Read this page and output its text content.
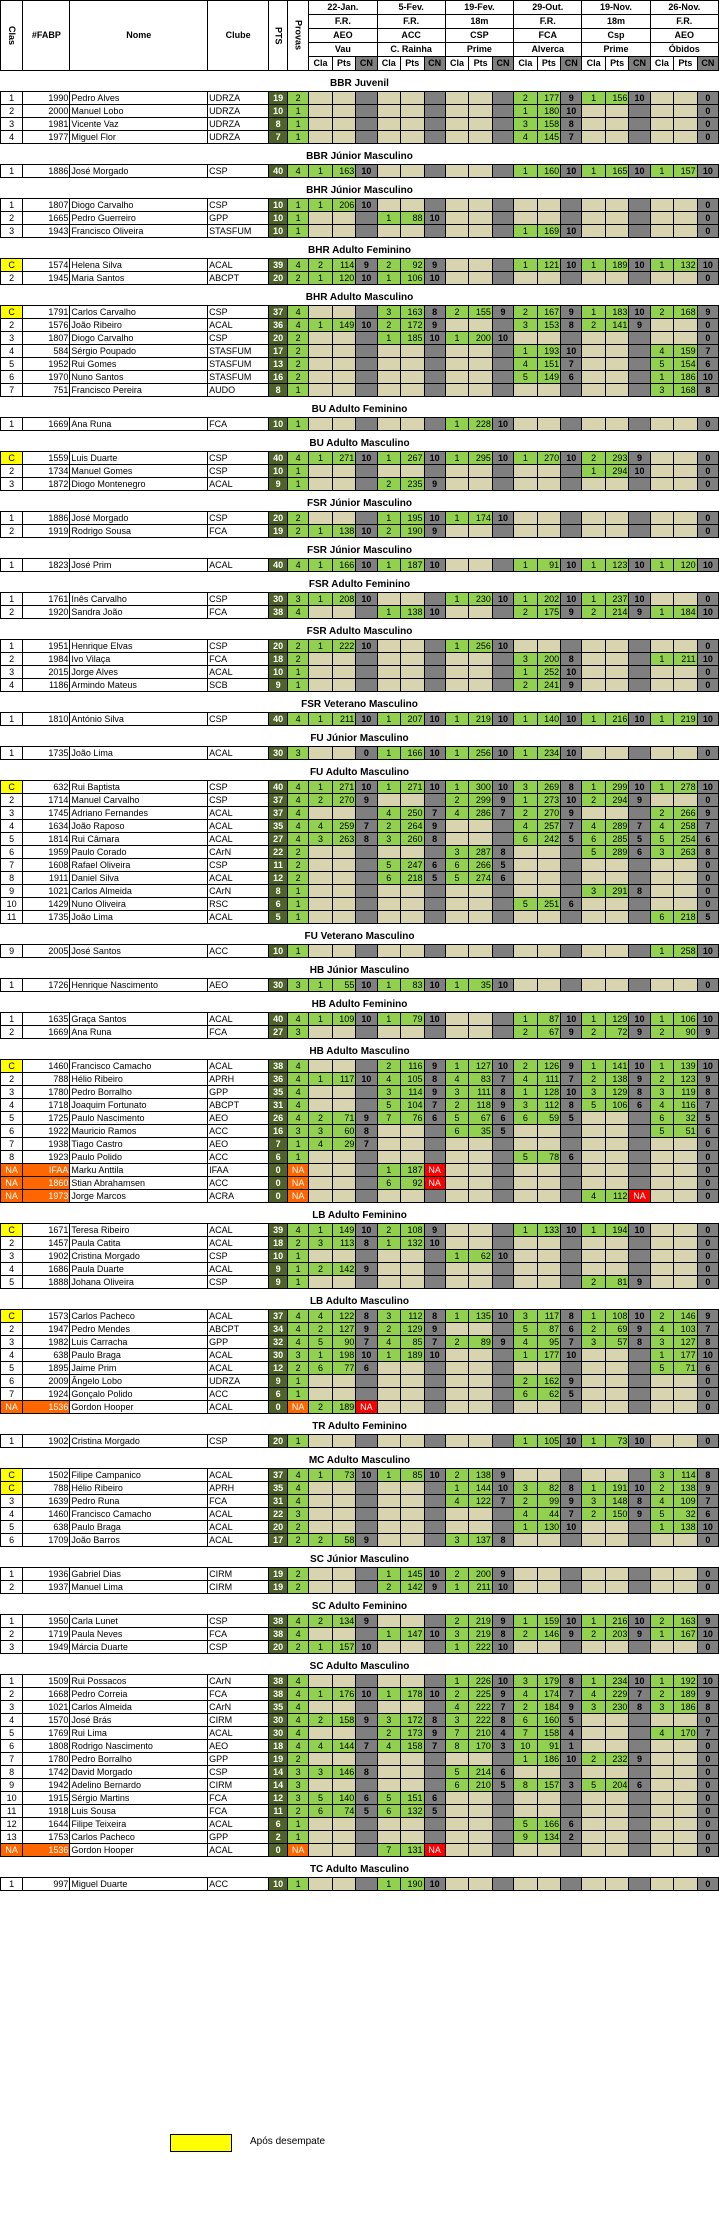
Clas	#FABP	Nome	Clube	PTS	Provas	22-Jan.			5-Fev.			19-Fev.			29-Out.			19-Nov.			26-Nov.		
						F.R.			F.R.			18m			F.R.			18m			F.R.		
						AEO			ACC			CSP			FCA			Csp			AEO		
						Vau			C. Rainha			Prime			Alverca			Prime			Óbidos		
						Cla	Pts	CN	Cla	Pts	CN	Cla	Pts	CN	Cla	Pts	CN	Cla	Pts	CN	Cla	Pts	CN

BBR Juvenil																							
1	1990	Pedro Alves	UDRZA	19	2										2	177	9	1	156	10			0
2	2000	Manuel Lobo	UDRZA	10	1										1	180	10						0
3	1981	Vicente Vaz	UDRZA	8	1										3	158	8						0
4	1977	Miguel Flor	UDRZA	7	1										4	145	7						0

BBR Júnior Masculino																							
1	1886	José Morgado	CSP	40	4	1	163	10							1	160	10	1	165	10	1	157	10

BHR Júnior Masculino																							
1	1807	Diogo Carvalho	CSP	10	1	1	206	10															0
2	1665	Pedro Guerreiro	GPP	10	1				1	88	10												0
3	1943	Francisco Oliveira	STASFUM	10	1										1	169	10						0

BHR Adulto Feminino																							
C	1574	Helena Silva	ACAL	39	4	2	114	9	2	92	9				1	121	10	1	189	10	1	132	10
2	1945	Maria Santos	ABCPT	20	2	1	120	10	1	106	10												0

BHR Adulto Masculino																							
C	1791	Carlos Carvalho	CSP	37	4				3	163	8	2	155	9	2	167	9	1	183	10	2	168	9
2	1576	João Ribeiro	ACAL	36	4	1	149	10	2	172	9				3	153	8	2	141	9			0
3	1807	Diogo Carvalho	CSP	20	2				1	185	10	1	200	10									0
4	584	Sérgio Poupado	STASFUM	17	2										1	193	10				4	159	7
5	1952	Rui Gomes	STASFUM	13	2										4	151	7				5	154	6
6	1970	Nuno Santos	STASFUM	16	2										5	149	6				1	186	10
7	751	Francisco Pereira	AUDO	8	1																3	168	8

BU Adulto Feminino																							
1	1669	Ana Runa	FCA	10	1							1	228	10									0

BU Adulto Masculino																							
C	1559	Luis Duarte	CSP	40	4	1	271	10	1	267	10	1	295	10	1	270	10	2	293	9			0
2	1734	Manuel Gomes	CSP	10	1													1	294	10			0
3	1872	Diogo Montenegro	ACAL	9	1				2	235	9												0

FSR Júnior Masculino																							
1	1886	José Morgado	CSP	20	2				1	195	10	1	174	10									0
2	1919	Rodrigo Sousa	FCA	19	2	1	138	10	2	190	9												0

FSR Júnior Masculino																							
1	1823	José Prim	ACAL	40	4	1	166	10	1	187	10				1	91	10	1	123	10	1	120	10

FSR Adulto Feminino																							
1	1761	Inês Carvalho	CSP	30	3	1	208	10				1	230	10	1	202	10	1	237	10			0
2	1920	Sandra João	FCA	38	4				1	138	10				2	175	9	2	214	9	1	184	10

FSR Adulto Masculino																							
1	1951	Henrique Elvas	CSP	20	2	1	222	10				1	256	10									0
2	1984	Ivo Vilaça	FCA	18	2										3	200	8				1	211	10
3	2015	Jorge Alves	ACAL	10	1										1	252	10						0
4	1186	Armindo Mateus	SCB	9	1										2	241	9						0

FSR Veterano Masculino																							
1	1810	António Silva	CSP	40	4	1	211	10	1	207	10	1	219	10	1	140	10	1	216	10	1	219	10

FU Júnior Masculino																							
1	1735	João Lima	ACAL	30	3			0	1	166	10	1	256	10	1	234	10						0

FU Adulto Masculino																							
C	632	Rui Baptista	CSP	40	4	1	271	10	1	271	10	1	300	10	3	269	8	1	299	10	1	278	10
2	1714	Manuel Carvalho	CSP	37	4	2	270	9				2	299	9	1	273	10	2	294	9			0
3	1745	Adriano Fernandes	ACAL	37	4				4	250	7	4	286	7	2	270	9				2	266	9
4	1634	João Raposo	ACAL	35	4	4	259	7	2	264	9				4	257	7	4	289	7	4	258	7
5	1814	Rui Câmara	ACAL	27	4	3	263	8	3	260	8				6	242	5	6	285	5	5	254	6
6	1959	Paulo Corado	CArN	22	2							3	287	8				5	289	6	3	263	8
7	1608	Rafael Oliveira	CSP	11	2				5	247	6	6	266	5									0
8	1911	Daniel Silva	ACAL	12	2				6	218	5	5	274	6									0
9	1021	Carlos Almeida	CArN	8	1													3	291	8			0
10	1429	Nuno Oliveira	RSC	6	1										5	251	6						0
11	1735	João Lima	ACAL	5	1																6	218	5

FU Veterano Masculino																							
9	2005	José Santos	ACC	10	1																1	258	10

HB Júnior Masculino																							
1	1726	Henrique Nascimento	AEO	30	3	1	55	10	1	83	10	1	35	10									0

HB Adulto Feminino																							
1	1635	Graça Santos	ACAL	40	4	1	109	10	1	79	10				1	87	10	1	129	10	1	106	10
2	1669	Ana Runa	FCA	27	3										2	67	9	2	72	9	2	90	9

HB Adulto Masculino																							
C	1460	Francisco Camacho	ACAL	38	4				2	116	9	1	127	10	2	126	9	1	141	10	1	139	10
2	788	Hélio Ribeiro	APRH	36	4	1	117	10	4	105	8	4	83	7	4	111	7	2	138	9	2	123	9
3	1780	Pedro Borralho	GPP	35	4				3	114	9	3	111	8	1	128	10	3	129	8	3	119	8
4	1718	Joaquim Fortunato	ABCPT	31	4				5	104	7	2	118	9	3	112	8	5	106	6	4	116	7
5	1725	Paulo Nascimento	AEO	26	4	2	71	9	7	76	6	5	67	6	6	59	5				6	32	5
6	1922	Mauricio Ramos	ACC	16	3	3	60	8				6	35	5							5	51	6
7	1938	Tiago Castro	AEO	7	1	4	29	7															0
8	1923	Paulo Polido	ACC	6	1										5	78	6						0
NA	IFAA	Marku Anttila	IFAA	0	NA				1	187	NA												0
NA	1860	Stian Abrahamsen	ACC	0	NA				6	92	NA												0
NA	1973	Jorge Marcos	ACRA	0	NA													4	112	NA			0

LB Adulto Feminino																							
C	1671	Teresa Ribeiro	ACAL	39	4	1	149	10	2	108	9				1	133	10	1	194	10			0
2	1457	Paula Catita	ACAL	18	2	3	113	8	1	132	10												0
3	1902	Cristina Morgado	CSP	10	1							1	62	10									0
4	1686	Paula Duarte	ACAL	9	1	2	142	9															0
5	1888	Johana Oliveira	CSP	9	1													2	81	9			0

LB Adulto Masculino																							
C	1573	Carlos Pacheco	ACAL	37	4	4	122	8	3	112	8	1	135	10	3	117	8	1	108	10	2	146	9
2	1947	Pedro Mendes	ABCPT	34	4	2	127	9	2	129	9				5	87	6	2	69	9	4	103	7
3	1982	Luis Carracha	GPP	32	4	5	90	7	4	85	7	2	89	9	4	95	7	3	57	8	3	127	8
4	638	Paulo Braga	ACAL	30	3	1	198	10	1	189	10				1	177	10				1	177	10
5	1895	Jaime Prim	ACAL	12	2	6	77	6													5	71	6
6	2009	Ângelo Lobo	UDRZA	9	1										2	162	9						0
7	1924	Gonçalo Polido	ACC	6	1										6	62	5						0
NA	1536	Gordon Hooper	ACAL	0	NA	2	189	NA															0

TR Adulto Feminino																							
1	1902	Cristina Morgado	CSP	20	1										1	105	10	1	73	10			0

MC Adulto Masculino																							
C	1502	Filipe Campanico	ACAL	37	4	1	73	10	1	85	10	2	138	9							3	114	8
C	788	Hélio Ribeiro	APRH	35	4							1	144	10	3	82	8	1	191	10	2	138	9
3	1639	Pedro Runa	FCA	31	4							4	122	7	2	99	9	3	148	8	4	109	7
4	1460	Francisco Camacho	ACAL	22	3										4	44	7	2	150	9	5	32	6
5	638	Paulo Braga	ACAL	20	2										1	130	10				1	138	10
6	1709	João Barros	ACAL	17	2	2	58	9				3	137	8									0

SC Júnior Masculino																							
1	1936	Gabriel Dias	CIRM	19	2				1	145	10	2	200	9									0
2	1937	Manuel Lima	CIRM	19	2				2	142	9	1	211	10									0

SC Adulto Feminino																							
1	1950	Carla Lunet	CSP	38	4	2	134	9				2	219	9	1	159	10	1	216	10	2	163	9
2	1719	Paula Neves	FCA	38	4				1	147	10	3	219	8	2	146	9	2	203	9	1	167	10
3	1949	Márcia Duarte	CSP	20	2	1	157	10				1	222	10									0

SC Adulto Masculino																							
1	1509	Rui Possacos	CArN	38	4							1	226	10	3	179	8	1	234	10	1	192	10
2	1668	Pedro Correia	FCA	38	4	1	176	10	1	178	10	2	225	9	4	174	7	4	229	7	2	189	9
3	1021	Carlos Almeida	CArN	35	4							4	222	7	2	184	9	3	230	8	3	186	8
4	1570	José Brás	CIRM	30	4	2	158	9	3	172	8	3	222	8	6	160	5						0
5	1769	Rui Lima	ACAL	30	4				2	173	9	7	210	4	7	158	4				4	170	7
6	1808	Rodrigo Nascimento	AEO	18	4	4	144	7	4	158	7	8	170	3	10	91	1						0
7	1780	Pedro Borralho	GPP	19	2										1	186	10	2	232	9			0
8	1742	David Morgado	CSP	14	3	3	146	8				5	214	6									0
9	1942	Adelino Bernardo	CIRM	14	3							6	210	5	8	157	3	5	204	6			0
10	1915	Sérgio Martins	FCA	12	3	5	140	6	5	151	6												0
11	1918	Luis Sousa	FCA	11	2	6	74	5	6	132	5												0
12	1644	Filipe Teixeira	ACAL	6	1										5	166	6						0
13	1753	Carlos Pacheco	GPP	2	1										9	134	2						0
NA	1536	Gordon Hooper	ACAL	0	NA				7	131	NA												0

TC Adulto Masculino																							
1	997	Miguel Duarte	ACC	10	1				1	190	10												0
Após desempate
